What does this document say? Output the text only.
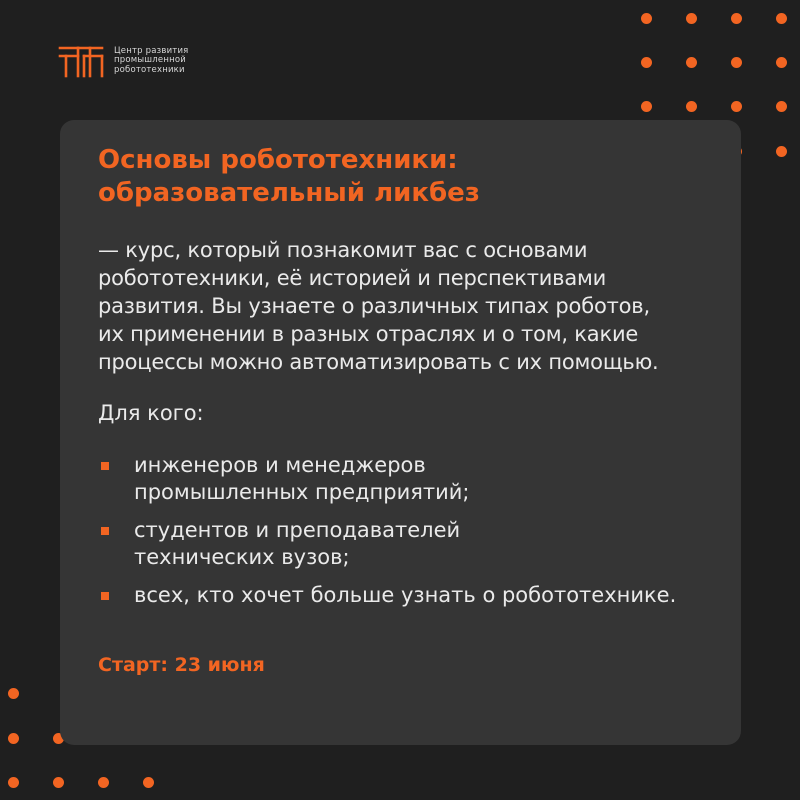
Центр развития
промышленной
робототехники
Основы робототехники:
образовательный ликбез
— курс, который познакомит вас с основами
робототехники, её историей и перспективами
развития. Вы узнаете о различных типах роботов,
их применении в разных отраслях и о том, какие
процессы можно автоматизировать с их помощью.
Для кого:
инженеров и менеджеров
промышленных предприятий;
студентов и преподавателей
технических вузов;
всех, кто хочет больше узнать о робототехнике.
Старт: 23 июня
